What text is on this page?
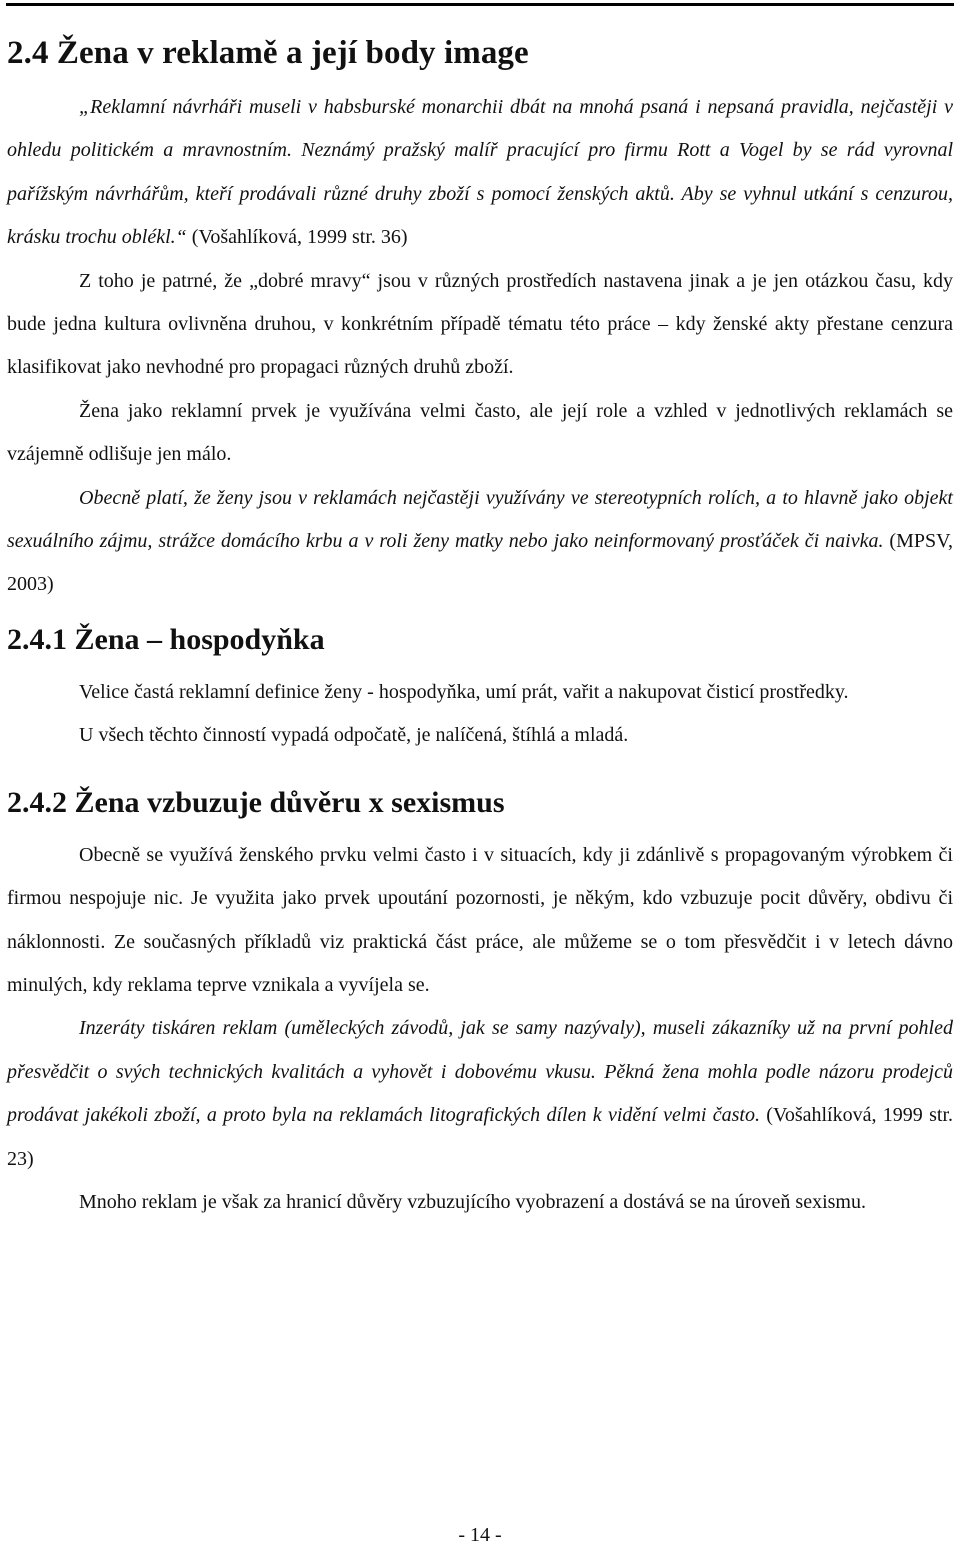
2.4 Žena v reklamě a její body image

„Reklamní návrháři museli v habsburské monarchii dbát na mnohá psaná i nepsaná pravidla, nejčastěji v ohledu politickém a mravnostním. Neznámý pražský malíř pracující pro firmu Rott a Vogel by se rád vyrovnal pařížským návrhářům, kteří prodávali různé druhy zboží s pomocí ženských aktů. Aby se vyhnul utkání s cenzurou, krásku trochu oblékl.“ (Vošahlíková, 1999 str. 36)

Z toho je patrné, že „dobré mravy“ jsou v různých prostředích nastavena jinak a je jen otázkou času, kdy bude jedna kultura ovlivněna druhou, v konkrétním případě tématu této práce – kdy ženské akty přestane cenzura klasifikovat jako nevhodné pro propagaci různých druhů zboží.

Žena jako reklamní prvek je využívána velmi často, ale její role a vzhled v jednotlivých reklamách se vzájemně odlišuje jen málo.

Obecně platí, že ženy jsou v reklamách nejčastěji využívány ve stereotypních rolích, a to hlavně jako objekt sexuálního zájmu, strážce domácího krbu a v roli ženy matky nebo jako neinformovaný prosťáček či naivka. (MPSV, 2003)

2.4.1 Žena – hospodyňka

Velice častá reklamní definice ženy - hospodyňka, umí prát, vařit a nakupovat čisticí prostředky.

U všech těchto činností vypadá odpočatě, je nalíčená, štíhlá a mladá.

2.4.2 Žena vzbuzuje důvěru x sexismus

Obecně se využívá ženského prvku velmi často i v situacích, kdy ji zdánlivě s propagovaným výrobkem či firmou nespojuje nic. Je využita jako prvek upoutání pozornosti, je někým, kdo vzbuzuje pocit důvěry, obdivu či náklonnosti. Ze současných příkladů viz praktická část práce, ale můžeme se o tom přesvědčit i v letech dávno minulých, kdy reklama teprve vznikala a vyvíjela se.

Inzeráty tiskáren reklam (uměleckých závodů, jak se samy nazývaly), museli zákazníky už na první pohled přesvědčit o svých technických kvalitách a vyhovět i dobovému vkusu. Pěkná žena mohla podle názoru prodejců prodávat jakékoli zboží, a proto byla na reklamách litografických dílen k vidění velmi často. (Vošahlíková, 1999 str. 23)

Mnoho reklam je však za hranicí důvěry vzbuzujícího vyobrazení a dostává se na úroveň sexismu.

- 14 -
